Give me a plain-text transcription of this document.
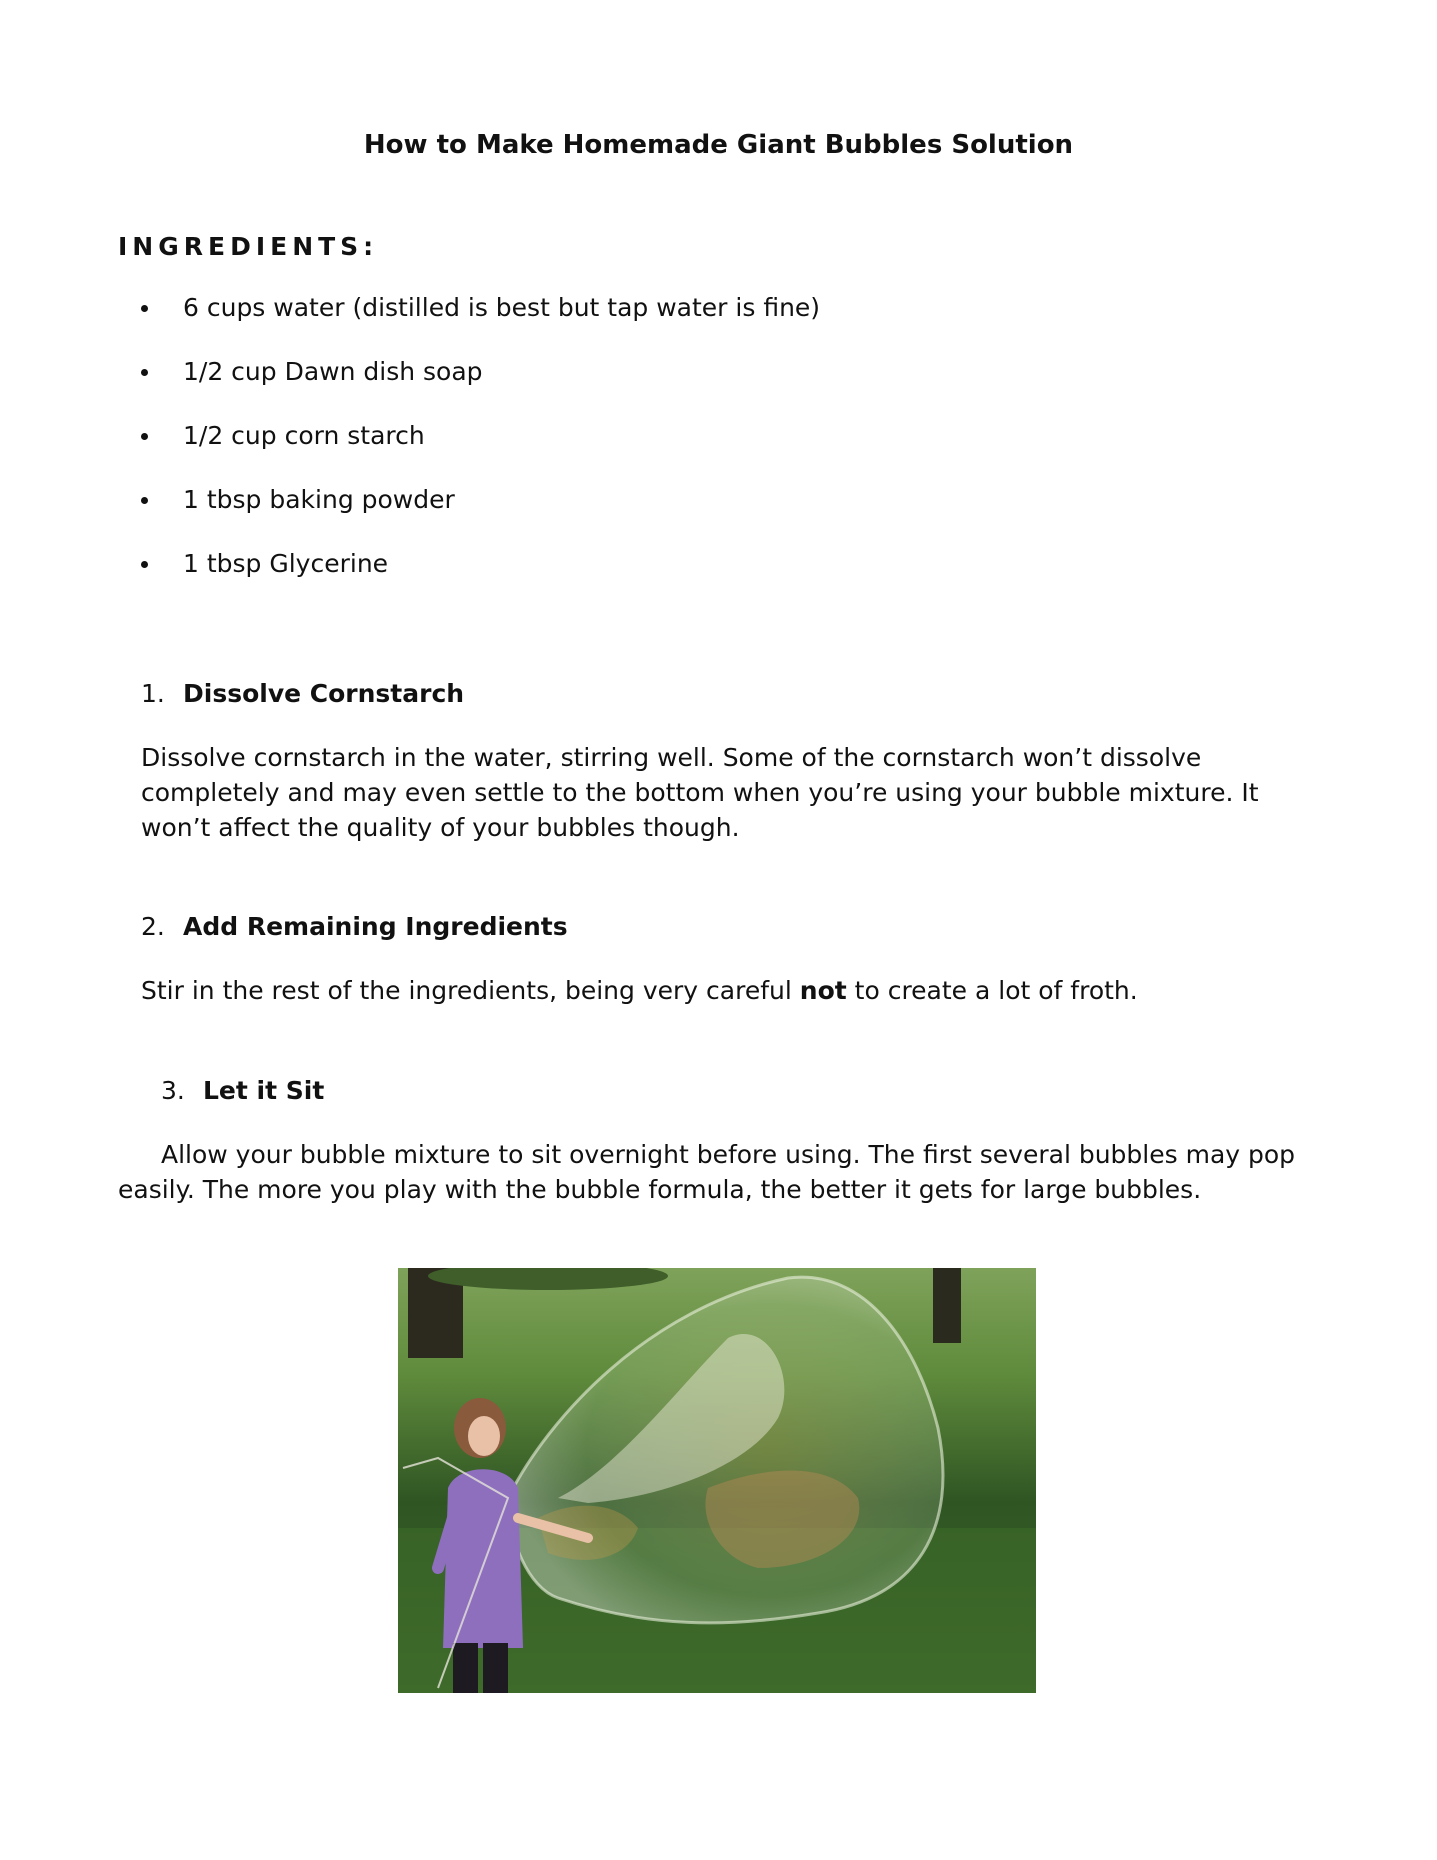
How to Make Homemade Giant Bubbles Solution
INGREDIENTS:
6 cups water (distilled is best but tap water is fine)
1/2 cup Dawn dish soap
1/2 cup corn starch
1 tbsp baking powder
1 tbsp Glycerine
1. Dissolve Cornstarch
Dissolve cornstarch in the water, stirring well. Some of the cornstarch won’t dissolve
completely and may even settle to the bottom when you’re using your bubble mixture. It
won’t affect the quality of your bubbles though.
2. Add Remaining Ingredients
Stir in the rest of the ingredients, being very careful not to create a lot of froth.
3. Let it Sit
Allow your bubble mixture to sit overnight before using. The first several bubbles may pop
easily. The more you play with the bubble formula, the better it gets for large bubbles.
